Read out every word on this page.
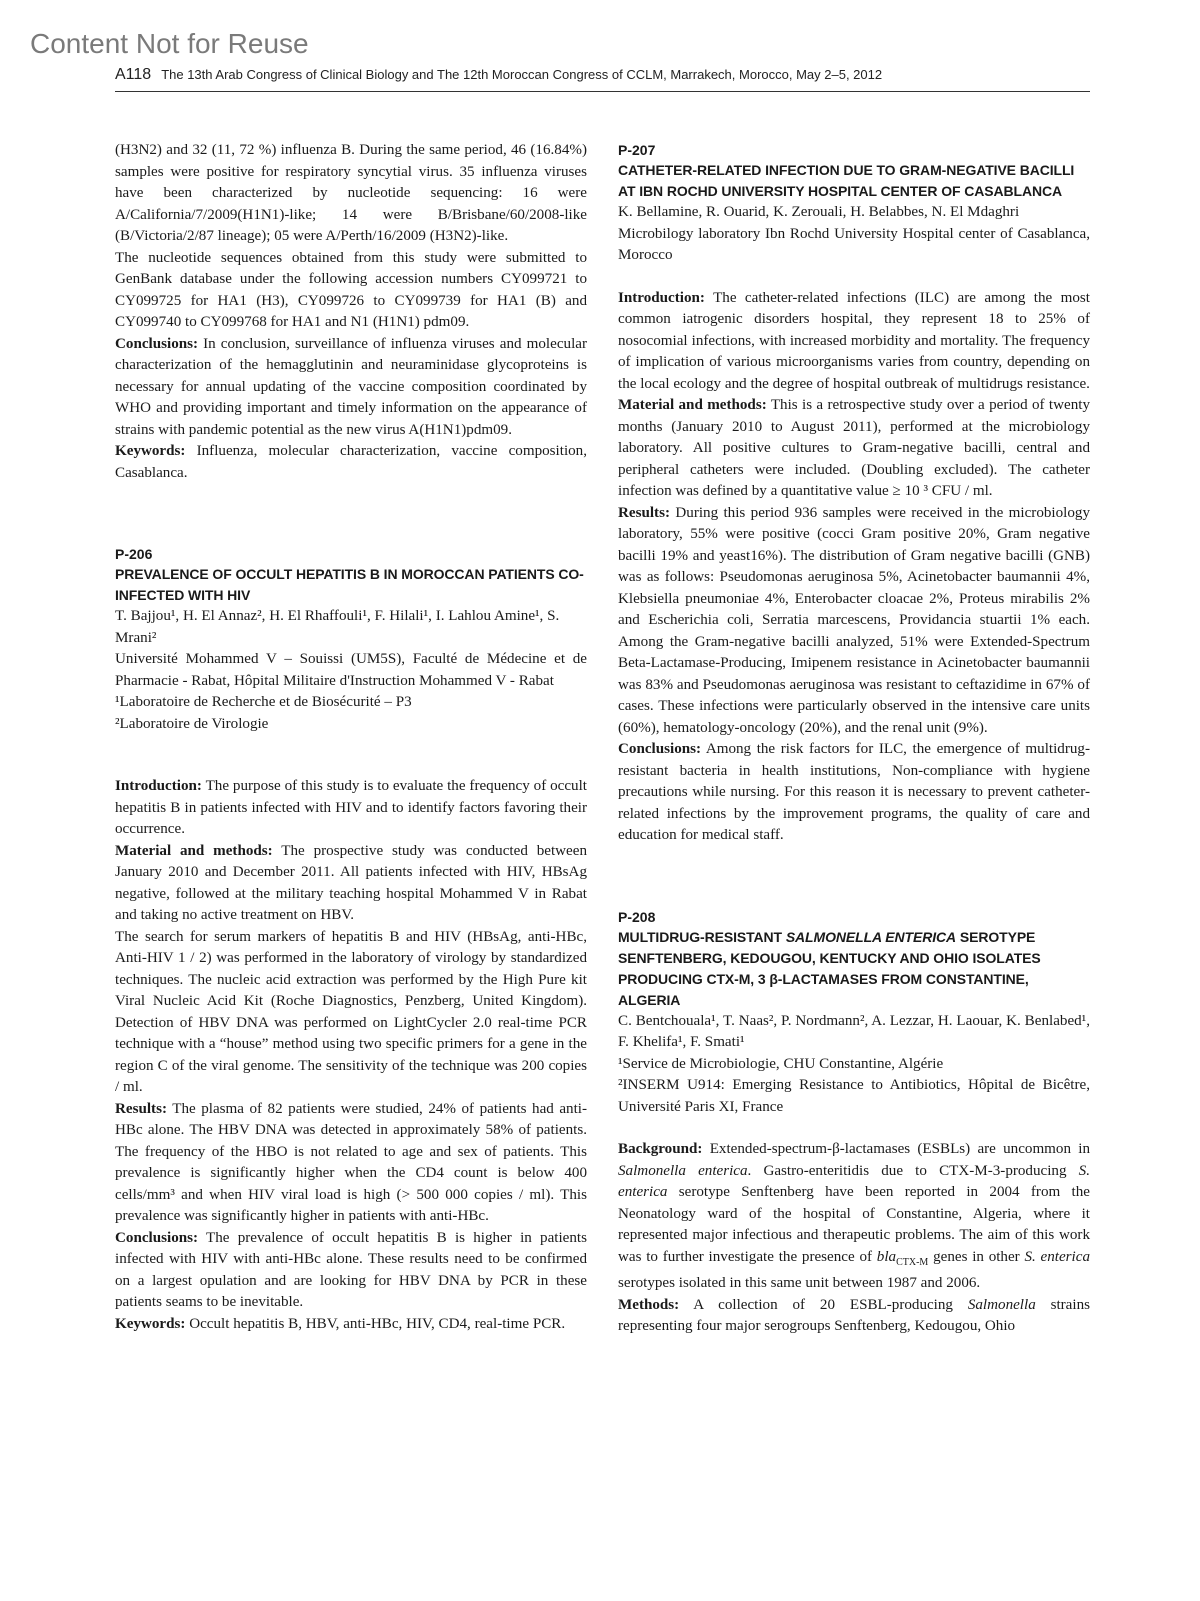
Content Not for Reuse
A118 The 13th Arab Congress of Clinical Biology and The 12th Moroccan Congress of CCLM, Marrakech, Morocco, May 2–5, 2012

(H3N2) and 32 (11, 72 %) influenza B. During the same period, 46 (16.84%) samples were positive for respiratory syncytial virus. 35 influenza viruses have been characterized by nucleotide sequencing: 16 were A/California/7/2009(H1N1)-like; 14 were B/Brisbane/60/2008-like (B/Victoria/2/87 lineage); 05 were A/Perth/16/2009 (H3N2)-like.

The nucleotide sequences obtained from this study were submitted to GenBank database under the following accession numbers CY099721 to CY099725 for HA1 (H3), CY099726 to CY099739 for HA1 (B) and CY099740 to CY099768 for HA1 and N1 (H1N1) pdm09.

Conclusions: In conclusion, surveillance of influenza viruses and molecular characterization of the hemagglutinin and neuraminidase glycoproteins is necessary for annual updating of the vaccine composition coordinated by WHO and providing important and timely information on the appearance of strains with pandemic potential as the new virus A(H1N1)pdm09.

Keywords: Influenza, molecular characterization, vaccine composition, Casablanca.

P-206

PREVALENCE OF OCCULT HEPATITIS B IN MOROCCAN PATIENTS CO-INFECTED WITH HIV

T. Bajjou¹, H. El Annaz², H. El Rhaffouli¹, F. Hilali¹, I. Lahlou Amine¹, S. Mrani²

Université Mohammed V – Souissi (UM5S), Faculté de Médecine et de Pharmacie - Rabat, Hôpital Militaire d'Instruction Mohammed V - Rabat

¹Laboratoire de Recherche et de Biosécurité – P3

²Laboratoire de Virologie

Introduction: The purpose of this study is to evaluate the frequency of occult hepatitis B in patients infected with HIV and to identify factors favoring their occurrence.

Material and methods: The prospective study was conducted between January 2010 and December 2011. All patients infected with HIV, HBsAg negative, followed at the military teaching hospital Mohammed V in Rabat and taking no active treatment on HBV.

The search for serum markers of hepatitis B and HIV (HBsAg, anti-HBc, Anti-HIV 1 / 2) was performed in the laboratory of virology by standardized techniques. The nucleic acid extraction was performed by the High Pure kit Viral Nucleic Acid Kit (Roche Diagnostics, Penzberg, United Kingdom). Detection of HBV DNA was performed on LightCycler 2.0 real-time PCR technique with a “house” method using two specific primers for a gene in the region C of the viral genome. The sensitivity of the technique was 200 copies / ml.

Results: The plasma of 82 patients were studied, 24% of patients had anti-HBc alone. The HBV DNA was detected in approximately 58% of patients. The frequency of the HBO is not related to age and sex of patients. This prevalence is significantly higher when the CD4 count is below 400 cells/mm³ and when HIV viral load is high (> 500 000 copies / ml). This prevalence was significantly higher in patients with anti-HBc.

Conclusions: The prevalence of occult hepatitis B is higher in patients infected with HIV with anti-HBc alone. These results need to be confirmed on a largest opulation and are looking for HBV DNA by PCR in these patients seams to be inevitable.

Keywords: Occult hepatitis B, HBV, anti-HBc, HIV, CD4, real-time PCR.

P-207

CATHETER-RELATED INFECTION DUE TO GRAM-NEGATIVE BACILLI AT IBN ROCHD UNIVERSITY HOSPITAL CENTER OF CASABLANCA

K. Bellamine, R. Ouarid, K. Zerouali, H. Belabbes, N. El Mdaghri

Microbilogy laboratory Ibn Rochd University Hospital center of Casablanca, Morocco

Introduction: The catheter-related infections (ILC) are among the most common iatrogenic disorders hospital, they represent 18 to 25% of nosocomial infections, with increased morbidity and mortality. The frequency of implication of various microorganisms varies from country, depending on the local ecology and the degree of hospital outbreak of multidrugs resistance.

Material and methods: This is a retrospective study over a period of twenty months (January 2010 to August 2011), performed at the microbiology laboratory. All positive cultures to Gram-negative bacilli, central and peripheral catheters were included. (Doubling excluded). The catheter infection was defined by a quantitative value ≥ 10 ³ CFU / ml.

Results: During this period 936 samples were received in the microbiology laboratory, 55% were positive (cocci Gram positive 20%, Gram negative bacilli 19% and yeast16%). The distribution of Gram negative bacilli (GNB) was as follows: Pseudomonas aeruginosa 5%, Acinetobacter baumannii 4%, Klebsiella pneumoniae 4%, Enterobacter cloacae 2%, Proteus mirabilis 2% and Escherichia coli, Serratia marcescens, Providancia stuartii 1% each. Among the Gram-negative bacilli analyzed, 51% were Extended-Spectrum Beta-Lactamase-Producing, Imipenem resistance in Acinetobacter baumannii was 83% and Pseudomonas aeruginosa was resistant to ceftazidime in 67% of cases. These infections were particularly observed in the intensive care units (60%), hematology-oncology (20%), and the renal unit (9%).

Conclusions: Among the risk factors for ILC, the emergence of multidrug-resistant bacteria in health institutions, Non-compliance with hygiene precautions while nursing. For this reason it is necessary to prevent catheter-related infections by the improvement programs, the quality of care and education for medical staff.

P-208

MULTIDRUG-RESISTANT SALMONELLA ENTERICA SEROTYPE SENFTENBERG, KEDOUGOU, KENTUCKY AND OHIO ISOLATES PRODUCING CTX-M, 3 β-LACTAMASES FROM CONSTANTINE, ALGERIA

C. Bentchouala¹, T. Naas², P. Nordmann², A. Lezzar, H. Laouar, K. Benlabed¹, F. Khelifa¹, F. Smati¹

¹Service de Microbiologie, CHU Constantine, Algérie

²INSERM U914: Emerging Resistance to Antibiotics, Hôpital de Bicêtre, Université Paris XI, France

Background: Extended-spectrum-β-lactamases (ESBLs) are uncommon in Salmonella enterica. Gastro-enteritidis due to CTX-M-3-producing S. enterica serotype Senftenberg have been reported in 2004 from the Neonatology ward of the hospital of Constantine, Algeria, where it represented major infectious and therapeutic problems. The aim of this work was to further investigate the presence of bla$_{CTX-M}$ genes in other S. enterica serotypes isolated in this same unit between 1987 and 2006.

Methods: A collection of 20 ESBL-producing Salmonella strains representing four major serogroups Senftenberg, Kedougou, Ohio
